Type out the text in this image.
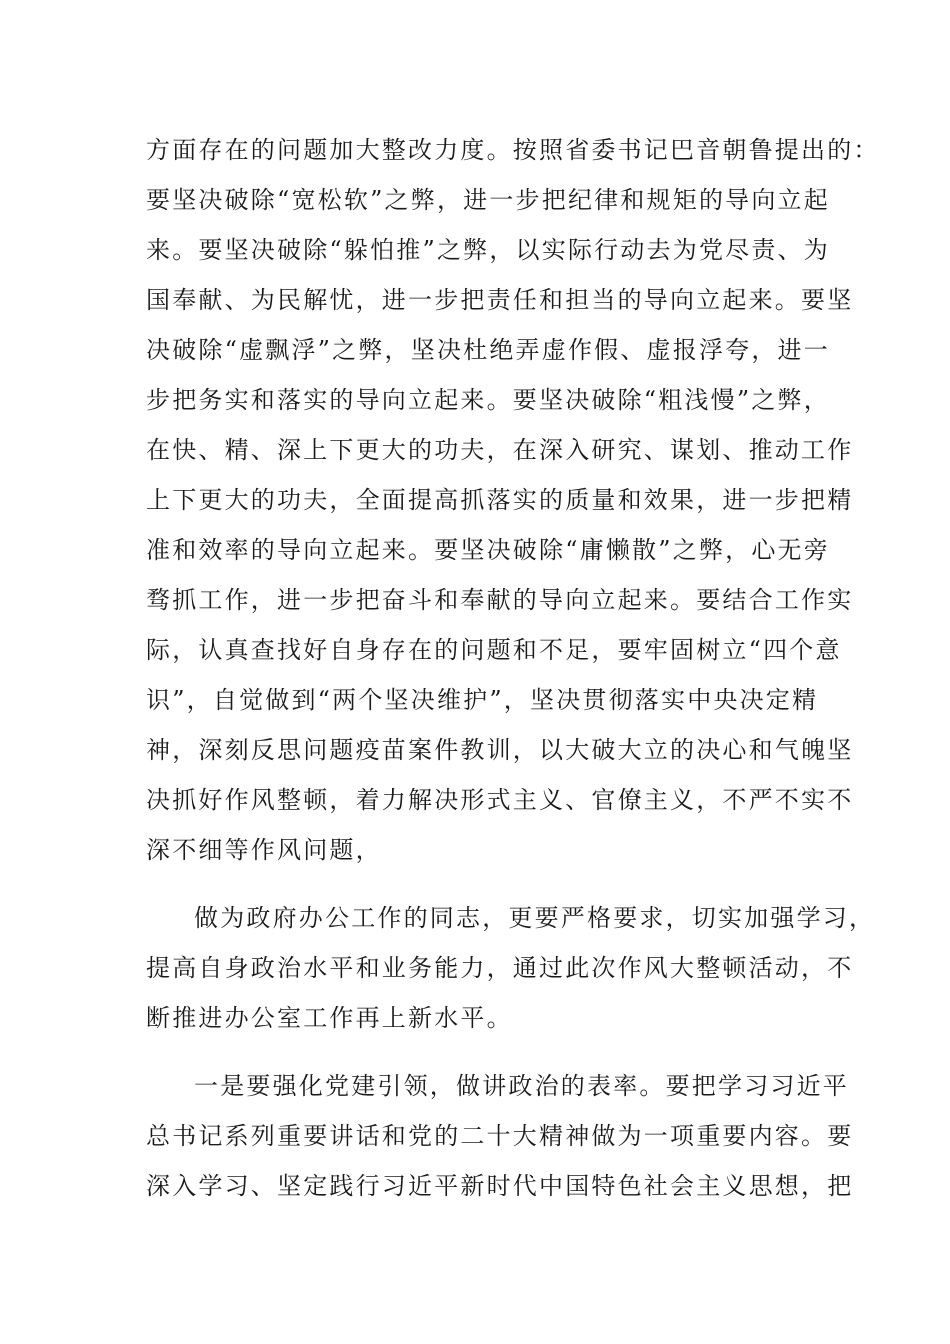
方面存在的问题加大整改力度。按照省委书记巴音朝鲁提出的：
要坚决破除“宽松软”之弊，进一步把纪律和规矩的导向立起
来。要坚决破除“躲怕推”之弊，以实际行动去为党尽责、为
国奉献、为民解忧，进一步把责任和担当的导向立起来。要坚
决破除“虚飘浮”之弊，坚决杜绝弄虚作假、虚报浮夸，进一
步把务实和落实的导向立起来。要坚决破除“粗浅慢”之弊，
在快、精、深上下更大的功夫，在深入研究、谋划、推动工作
上下更大的功夫，全面提高抓落实的质量和效果，进一步把精
准和效率的导向立起来。要坚决破除“庸懒散”之弊，心无旁
骛抓工作，进一步把奋斗和奉献的导向立起来。要结合工作实
际，认真查找好自身存在的问题和不足，要牢固树立“四个意
识”，自觉做到“两个坚决维护”，坚决贯彻落实中央决定精
神，深刻反思问题疫苗案件教训，以大破大立的决心和气魄坚
决抓好作风整顿，着力解决形式主义、官僚主义，不严不实不
深不细等作风问题，
做为政府办公工作的同志，更要严格要求，切实加强学习，
提高自身政治水平和业务能力，通过此次作风大整顿活动，不
断推进办公室工作再上新水平。
一是要强化党建引领，做讲政治的表率。要把学习习近平
总书记系列重要讲话和党的二十大精神做为一项重要内容。要
深入学习、坚定践行习近平新时代中国特色社会主义思想，把
